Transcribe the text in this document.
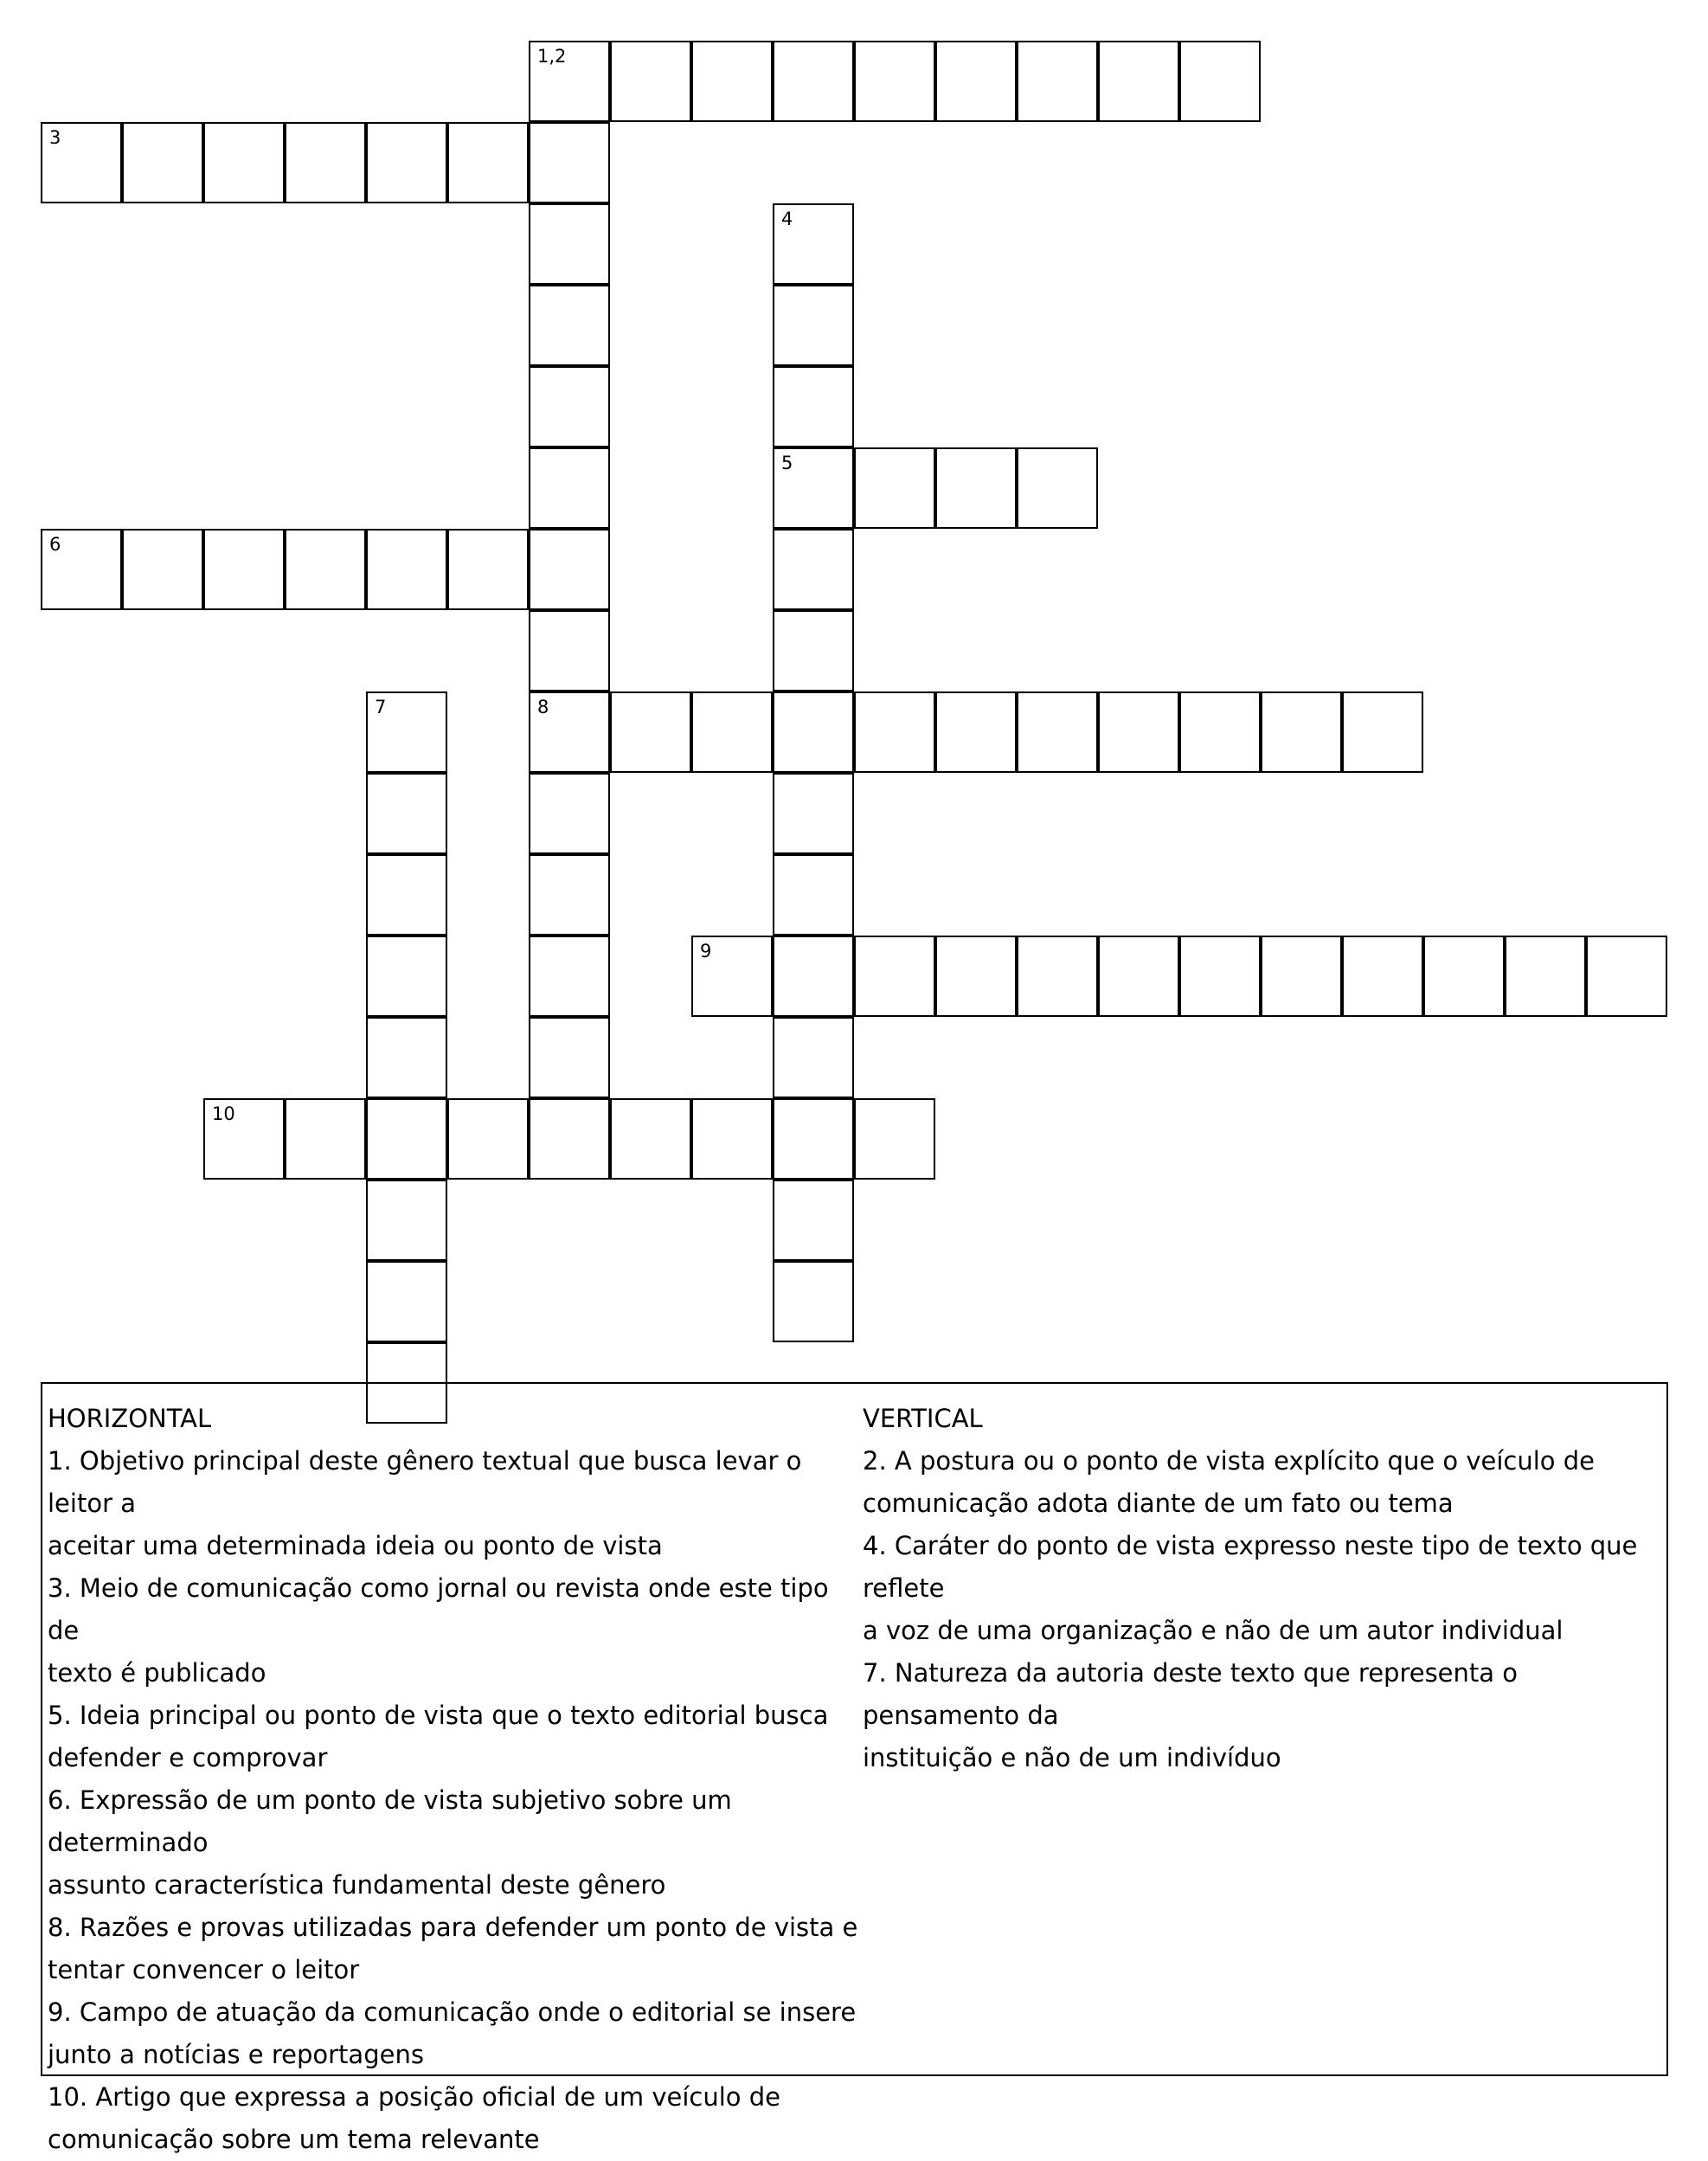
1,2
8
3
4
5
6
7
9
10
HORIZONTAL
1. Objetivo principal deste gênero textual que busca levar o leitor a
aceitar uma determinada ideia ou ponto de vista
3. Meio de comunicação como jornal ou revista onde este tipo de
texto é publicado
5. Ideia principal ou ponto de vista que o texto editorial busca
defender e comprovar
6. Expressão de um ponto de vista subjetivo sobre um determinado
assunto característica fundamental deste gênero
8. Razões e provas utilizadas para defender um ponto de vista e
tentar convencer o leitor
9. Campo de atuação da comunicação onde o editorial se insere
junto a notícias e reportagens
10. Artigo que expressa a posição oficial de um veículo de
comunicação sobre um tema relevante
VERTICAL
2. A postura ou o ponto de vista explícito que o veículo de
comunicação adota diante de um fato ou tema
4. Caráter do ponto de vista expresso neste tipo de texto que reflete
a voz de uma organização e não de um autor individual
7. Natureza da autoria deste texto que representa o pensamento da
instituição e não de um indivíduo
